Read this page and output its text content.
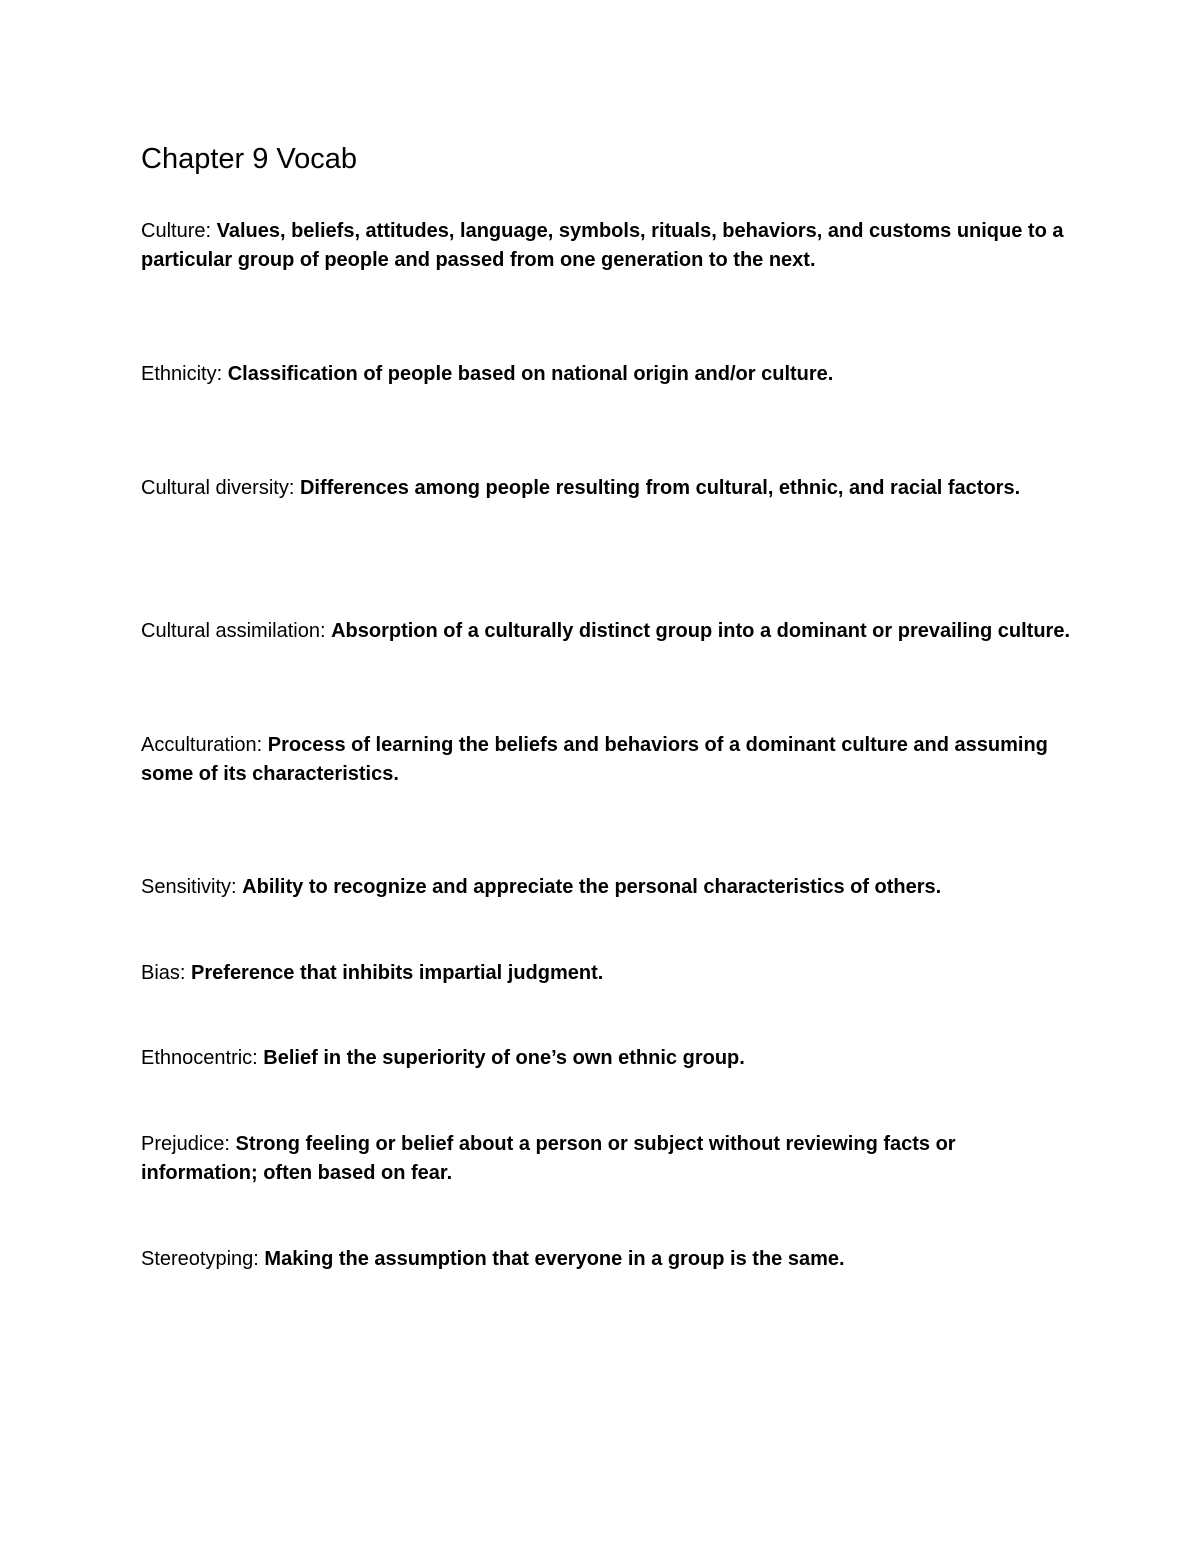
Chapter 9 Vocab

Culture: Values, beliefs, attitudes, language, symbols, rituals, behaviors, and customs unique to a particular group of people and passed from one generation to the next.

Ethnicity: Classification of people based on national origin and/or culture.

Cultural diversity: Differences among people resulting from cultural, ethnic, and racial factors.

Cultural assimilation: Absorption of a culturally distinct group into a dominant or prevailing culture.

Acculturation: Process of learning the beliefs and behaviors of a dominant culture and assuming some of its characteristics.

Sensitivity: Ability to recognize and appreciate the personal characteristics of others.

Bias: Preference that inhibits impartial judgment.

Ethnocentric: Belief in the superiority of one’s own ethnic group.

Prejudice: Strong feeling or belief about a person or subject without reviewing facts or information; often based on fear.

Stereotyping: Making the assumption that everyone in a group is the same.
